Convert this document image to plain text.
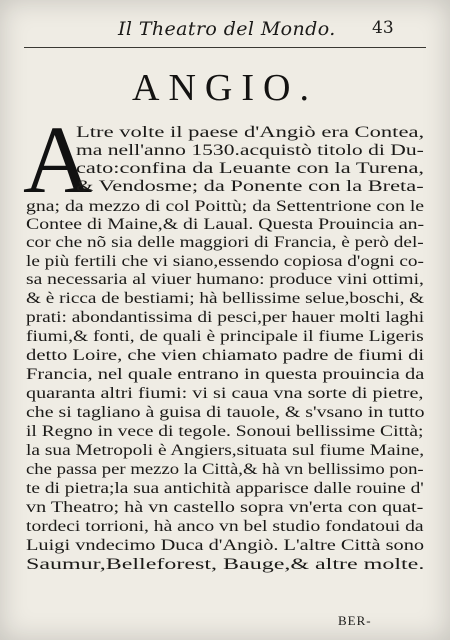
Il Theatro del Mondo. 43
ANGIO.
A
Ltre volte il paese d'Angiò era Contea,
ma nell'anno 1530.acquistò titolo di Du-
cato:confina da Leuante con la Turena,
& Vendosme; da Ponente con la Breta-
gna; da mezzo di col Poittù; da Settentrione con le
Contee di Maine,& di Laual. Questa Prouincia an-
cor che nõ sia delle maggiori di Francia, è però del-
le più fertili che vi siano,essendo copiosa d'ogni co-
sa necessaria al viuer humano: produce vini ottimi,
& è ricca de bestiami; hà bellissime selue,boschi, &
prati: abondantissima di pesci,per hauer molti laghi
fiumi,& fonti, de quali è principale il fiume Ligeris
detto Loire, che vien chiamato padre de fiumi di
Francia, nel quale entrano in questa prouincia da
quaranta altri fiumi: vi si caua vna sorte di pietre,
che si tagliano à guisa di tauole, & s'vsano in tutto
il Regno in vece di tegole. Sonoui bellissime Città;
la sua Metropoli è Angiers,situata sul fiume Maine,
che passa per mezzo la Città,& hà vn bellissimo pon-
te di pietra;la sua antichità apparisce dalle rouine d'
vn Theatro; hà vn castello sopra vn'erta con quat-
tordeci torrioni, hà anco vn bel studio fondatoui da
Luigi vndecimo Duca d'Angiò. L'altre Città sono
Saumur,Belleforest, Bauge,& altre molte.
BER-
